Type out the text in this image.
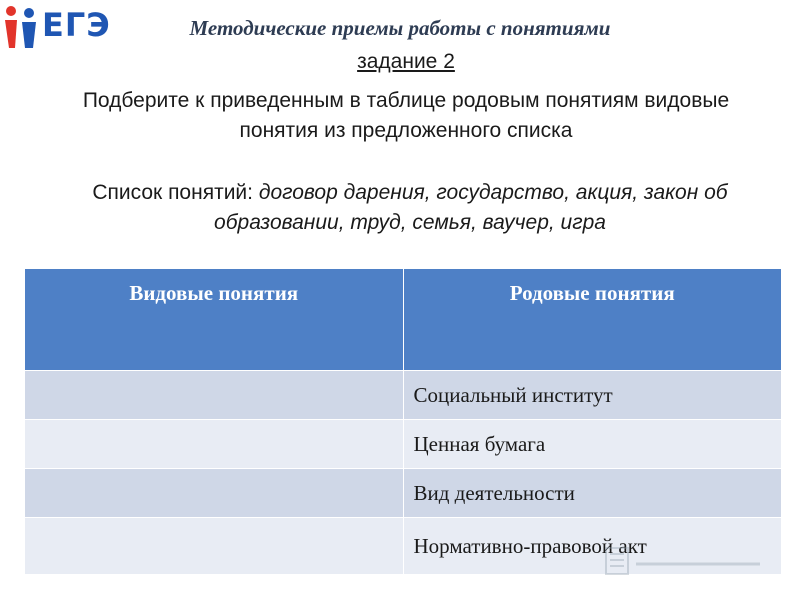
ЕГЭ	Методические приемы работы с понятиями
задание 2
Подберите к приведенным в таблице родовым понятиям видовые
понятия из предложенного списка
Список понятий: договор дарения, государство, акция, закон об
образовании, труд, семья, ваучер, игра
Видовые понятия	Родовые понятия
	Социальный институт
	Ценная бумага
	Вид деятельности
	Нормативно-правовой акт
